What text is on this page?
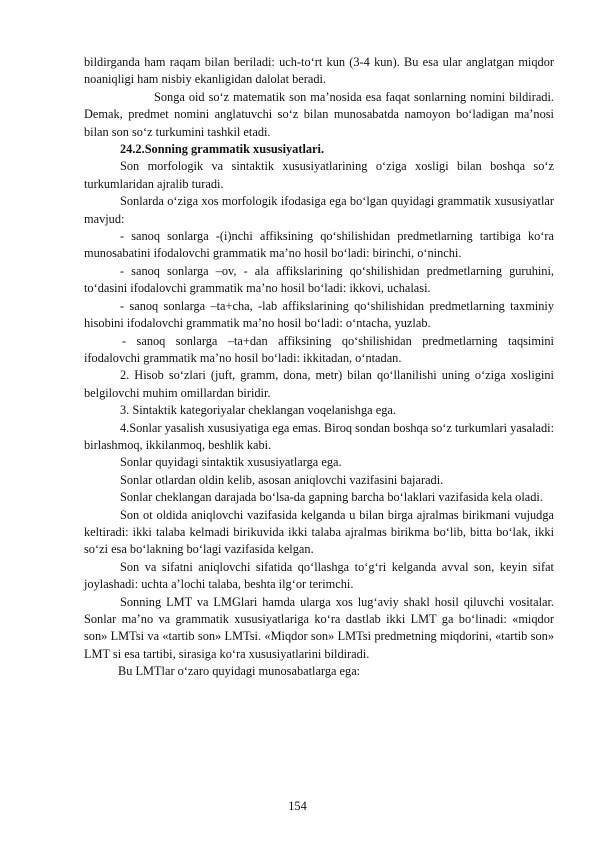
bildirganda ham raqam bilan beriladi: uch-to‘rt kun (3-4 kun). Bu esa ular anglatgan miqdor noaniqligi ham nisbiy ekanligidan dalolat beradi.

Songa oid so‘z matematik son ma’nosida esa faqat sonlarning nomini bildiradi. Demak, predmet nomini anglatuvchi so‘z bilan munosabatda namoyon bo‘ladigan ma’nosi bilan son so‘z turkumini tashkil etadi.

24.2.Sonning grammatik xususiyatlari.

Son morfologik va sintaktik xususiyatlarining o‘ziga xosligi bilan boshqa so‘z turkumlaridan ajralib turadi.

Sonlarda o‘ziga xos morfologik ifodasiga ega bo‘lgan quyidagi grammatik xususiyatlar mavjud:

- sanoq sonlarga -(i)nchi affiksining qo‘shilishidan predmetlarning tartibiga ko‘ra munosabatini ifodalovchi grammatik ma’no hosil bo‘ladi: birinchi, o‘ninchi.

- sanoq sonlarga –ov, - ala affikslarining qo‘shilishidan predmetlarning guruhini, to‘dasini ifodalovchi grammatik ma’no hosil bo‘ladi: ikkovi, uchalasi.

- sanoq sonlarga –ta+cha, -lab affikslarining qo‘shilishidan predmetlarning taxminiy hisobini ifodalovchi grammatik ma’no hosil bo‘ladi: o‘ntacha, yuzlab.

- sanoq sonlarga –ta+dan affiksining qo‘shilishidan predmetlarning taqsimini ifodalovchi grammatik ma’no hosil bo‘ladi: ikkitadan, o‘ntadan.

2. Hisob so‘zlari (juft, gramm, dona, metr) bilan qo‘llanilishi uning o‘ziga xosligini belgilovchi muhim omillardan biridir.

3. Sintaktik kategoriyalar cheklangan voqelanishga ega.

4.Sonlar yasalish xususiyatiga ega emas. Biroq sondan boshqa so‘z turkumlari yasaladi: birlashmoq, ikkilanmoq, beshlik kabi.

Sonlar quyidagi sintaktik xususiyatlarga ega.

Sonlar otlardan oldin kelib, asosan aniqlovchi vazifasini bajaradi.

Sonlar cheklangan darajada bo‘lsa-da gapning barcha bo‘laklari vazifasida kela oladi.

Son ot oldida aniqlovchi vazifasida kelganda u bilan birga ajralmas birikmani vujudga keltiradi: ikki talaba kelmadi birikuvida ikki talaba ajralmas birikma bo‘lib, bitta bo‘lak, ikki so‘zi esa bo‘lakning bo‘lagi vazifasida kelgan.

Son va sifatni aniqlovchi sifatida qo‘llashga to‘g‘ri kelganda avval son, keyin sifat joylashadi: uchta a’lochi talaba, beshta ilg‘or terimchi.

Sonning LMT va LMGlari hamda ularga xos lug‘aviy shakl hosil qiluvchi vositalar. Sonlar ma’no va grammatik xususiyatlariga ko‘ra dastlab ikki LMT ga bo‘linadi: «miqdor son» LMTsi va «tartib son» LMTsi. «Miqdor son» LMTsi predmetning miqdorini, «tartib son» LMT si esa tartibi, sirasiga ko‘ra xususiyatlarini bildiradi.

Bu LMTlar o‘zaro quyidagi munosabatlarga ega:

154
